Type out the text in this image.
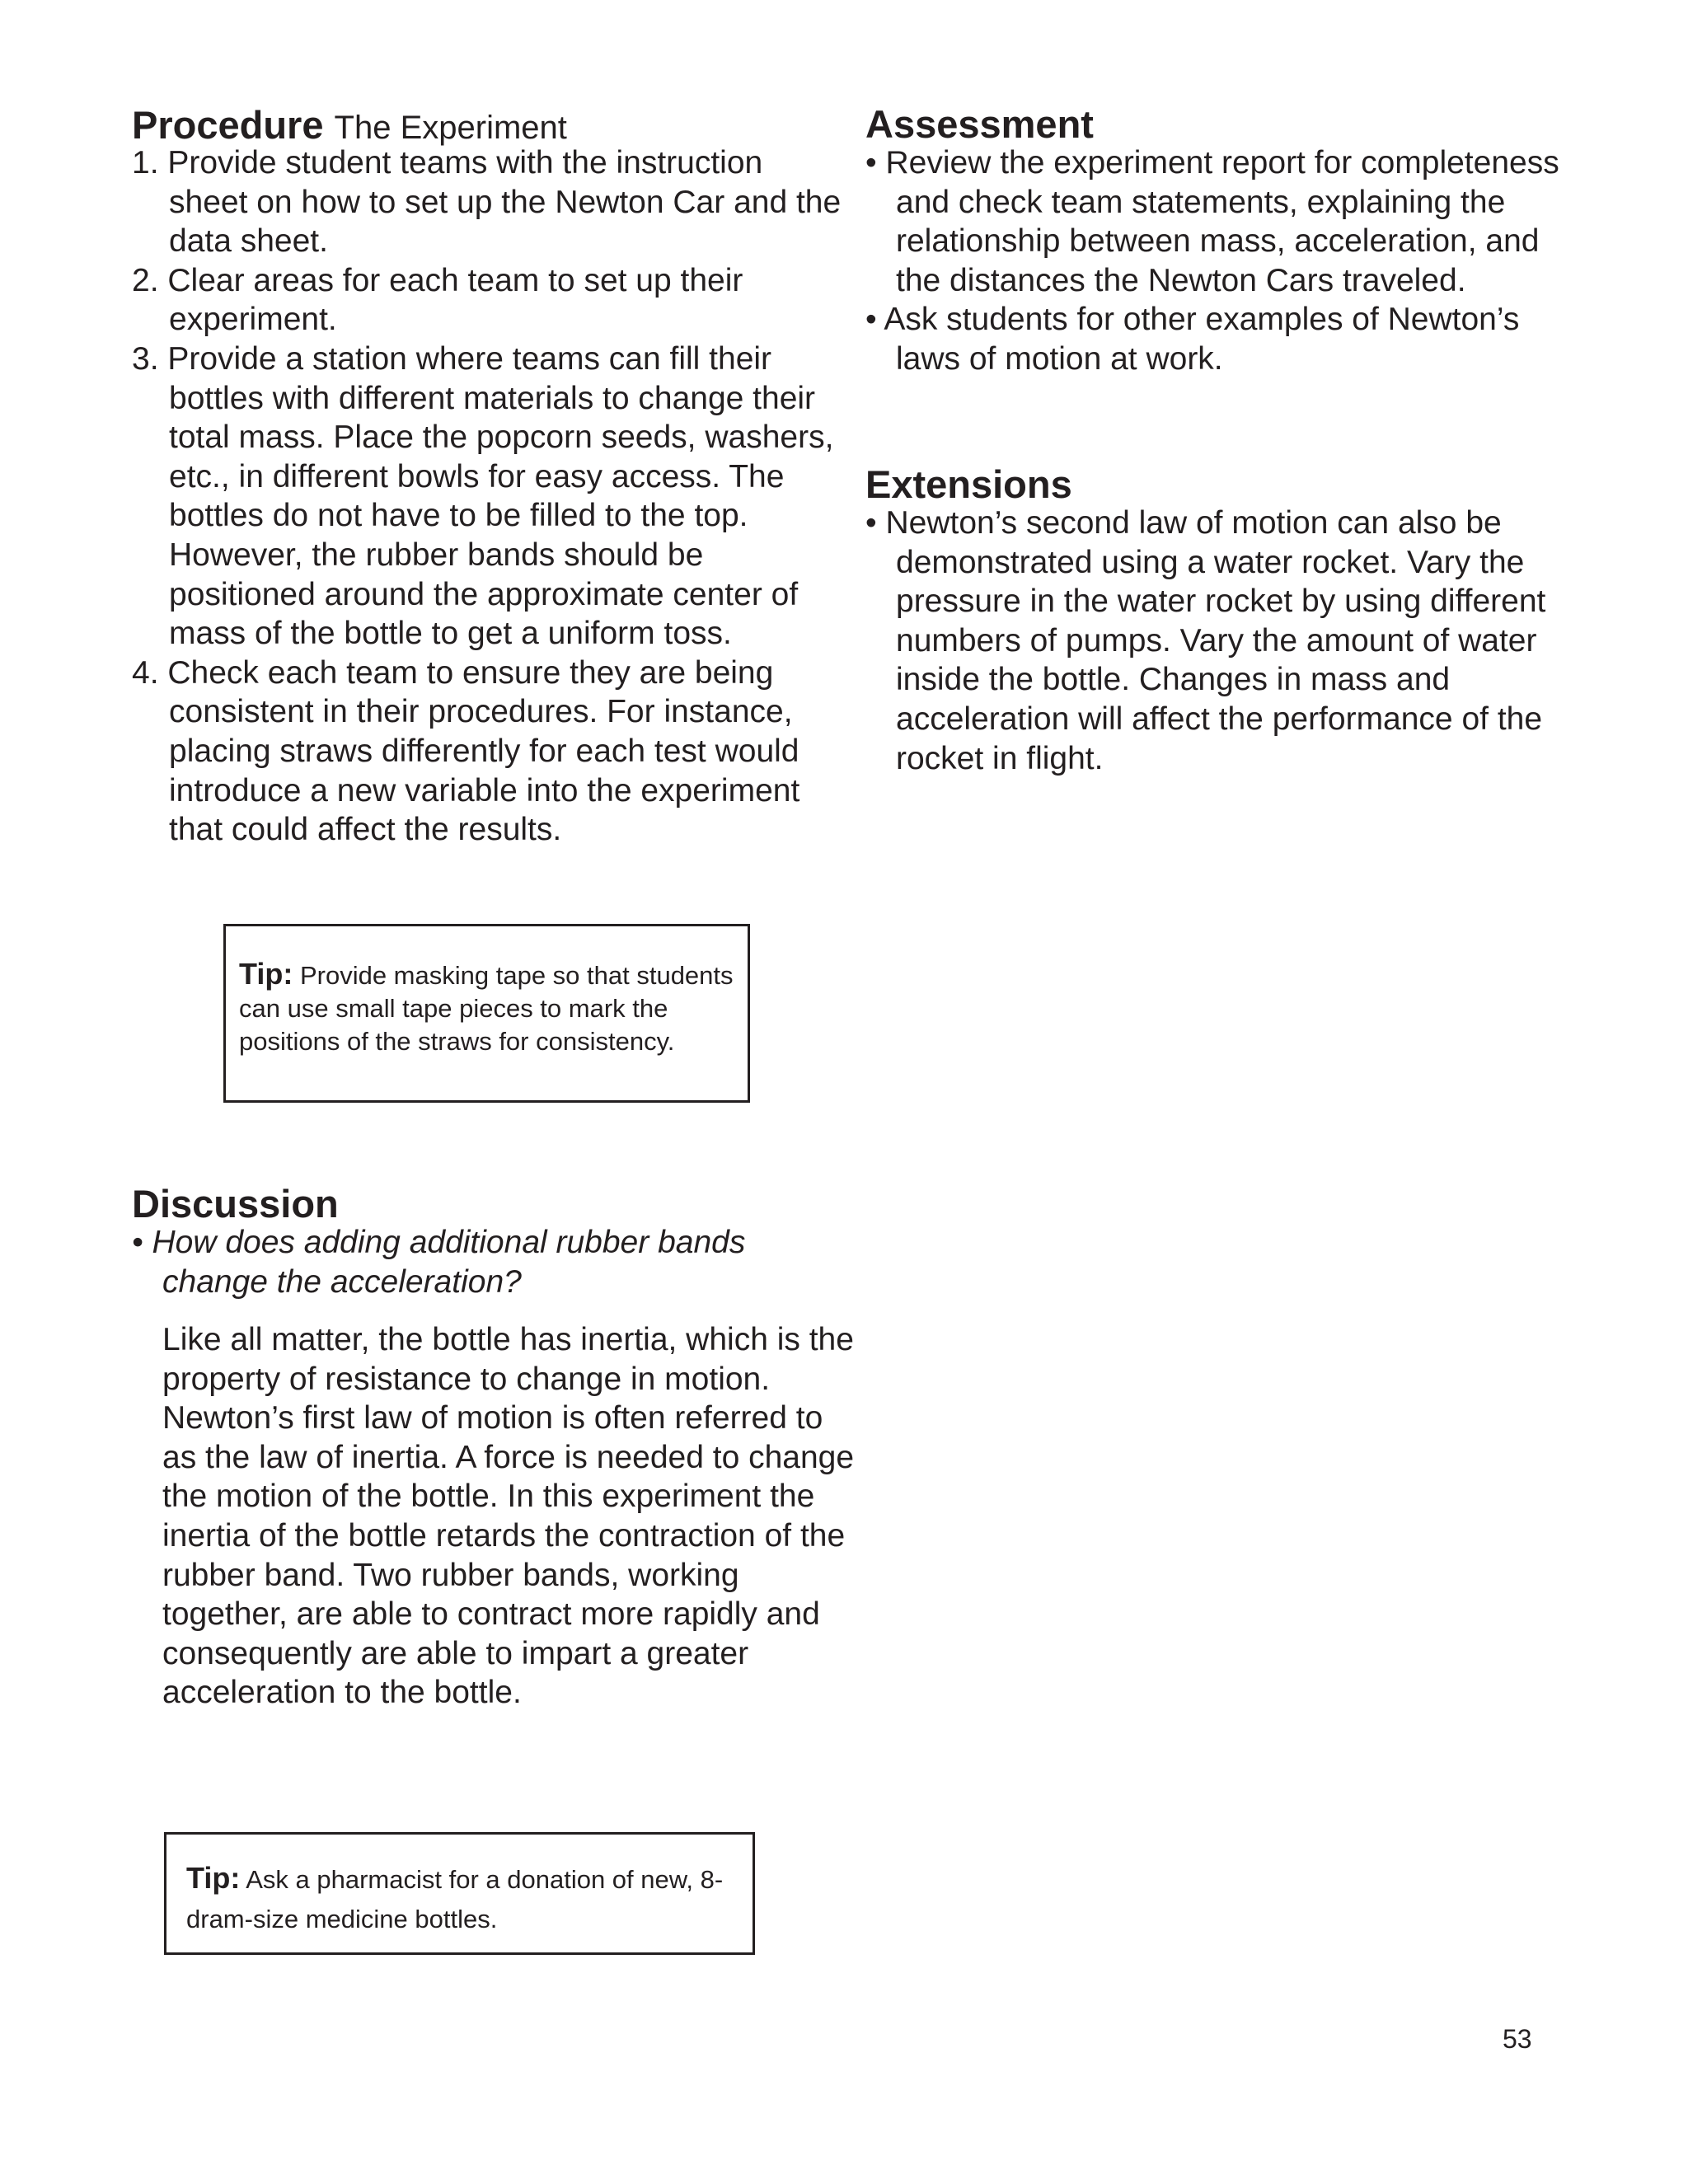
Procedure The Experiment
1. Provide student teams with the instruction sheet on how to set up the Newton Car and the data sheet.
2. Clear areas for each team to set up their experiment.
3. Provide a station where teams can fill their bottles with different materials to change their total mass. Place the popcorn seeds, washers, etc., in different bowls for easy access. The bottles do not have to be filled to the top. However, the rubber bands should be positioned around the approximate center of mass of the bottle to get a uniform toss.
4. Check each team to ensure they are being consistent in their procedures. For instance, placing straws differently for each test would introduce a new variable into the experiment that could affect the results.
Tip: Provide masking tape so that students can use small tape pieces to mark the positions of the straws for consistency.
Discussion

• How does adding additional rubber bands change the acceleration?

Like all matter, the bottle has inertia, which is the property of resistance to change in motion. Newton’s first law of motion is often referred to as the law of inertia. A force is needed to change the motion of the bottle. In this experiment the inertia of the bottle retards the contraction of the rubber band. Two rubber bands, working together, are able to contract more rapidly and consequently are able to impart a greater acceleration to the bottle.

Tip: Ask a pharmacist for a donation of new, 8-dram-size medicine bottles.
Assessment
• Review the experiment report for completeness and check team statements, explaining the relationship between mass, acceleration, and the distances the Newton Cars traveled.
• Ask students for other examples of Newton’s laws of motion at work.
Extensions
• Newton’s second law of motion can also be demonstrated using a water rocket. Vary the pressure in the water rocket by using different numbers of pumps. Vary the amount of water inside the bottle. Changes in mass and acceleration will affect the performance of the rocket in flight.
53
